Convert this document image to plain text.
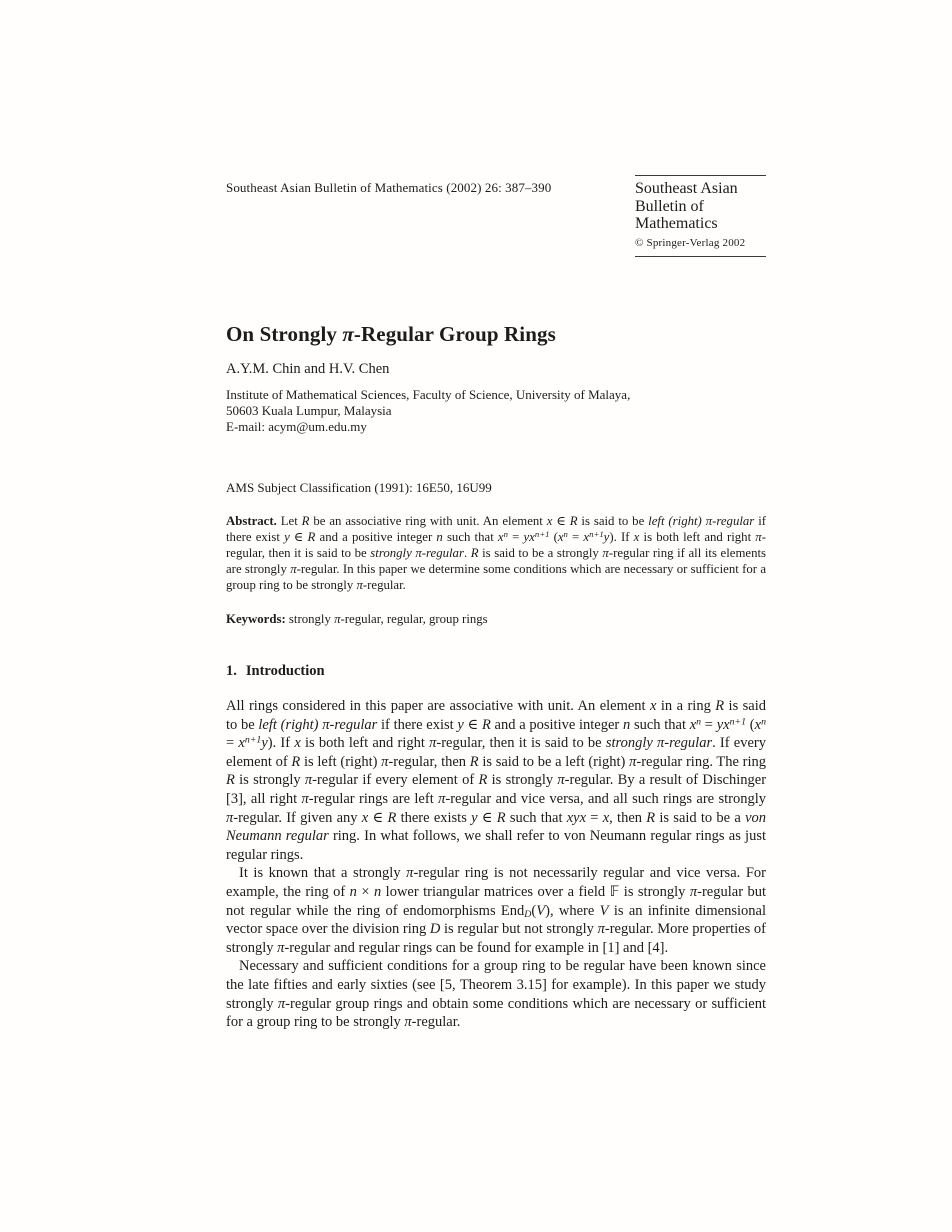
Southeast Asian Bulletin of Mathematics (2002) 26: 387–390	Southeast Asian
Bulletin of
Mathematics
© Springer-Verlag 2002
On Strongly π-Regular Group Rings
A.Y.M. Chin and H.V. Chen
Institute of Mathematical Sciences, Faculty of Science, University of Malaya,
50603 Kuala Lumpur, Malaysia
E-mail: acym@um.edu.my
AMS Subject Classification (1991): 16E50, 16U99
Abstract. Let R be an associative ring with unit. An element x ∈ R is said to be left (right) π-regular if there exist y ∈ R and a positive integer n such that $x^n = yx^{n+1}$ $(x^n = x^{n+1}y)$. If x is both left and right π-regular, then it is said to be strongly π-regular. R is said to be a strongly π-regular ring if all its elements are strongly π-regular. In this paper we determine some conditions which are necessary or sufficient for a group ring to be strongly π-regular.
Keywords: strongly π-regular, regular, group rings
1. Introduction

All rings considered in this paper are associative with unit. An element x in a ring R is said to be left (right) π-regular if there exist y ∈ R and a positive integer n such that $x^n = yx^{n+1}$ $(x^n = x^{n+1}y)$. If x is both left and right π-regular, then it is said to be strongly π-regular. If every element of R is left (right) π-regular, then R is said to be a left (right) π-regular ring. The ring R is strongly π-regular if every element of R is strongly π-regular. By a result of Dischinger [3], all right π-regular rings are left π-regular and vice versa, and all such rings are strongly π-regular. If given any x ∈ R there exists y ∈ R such that xyx = x, then R is said to be a von Neumann regular ring. In what follows, we shall refer to von Neumann regular rings as just regular rings.

It is known that a strongly π-regular ring is not necessarily regular and vice versa. For example, the ring of n × n lower triangular matrices over a field 𝔽 is strongly π-regular but not regular while the ring of endomorphisms EndD(V), where V is an infinite dimensional vector space over the division ring D is regular but not strongly π-regular. More properties of strongly π-regular and regular rings can be found for example in [1] and [4].

Necessary and sufficient conditions for a group ring to be regular have been known since the late fifties and early sixties (see [5, Theorem 3.15] for example). In this paper we study strongly π-regular group rings and obtain some conditions which are necessary or sufficient for a group ring to be strongly π-regular.
